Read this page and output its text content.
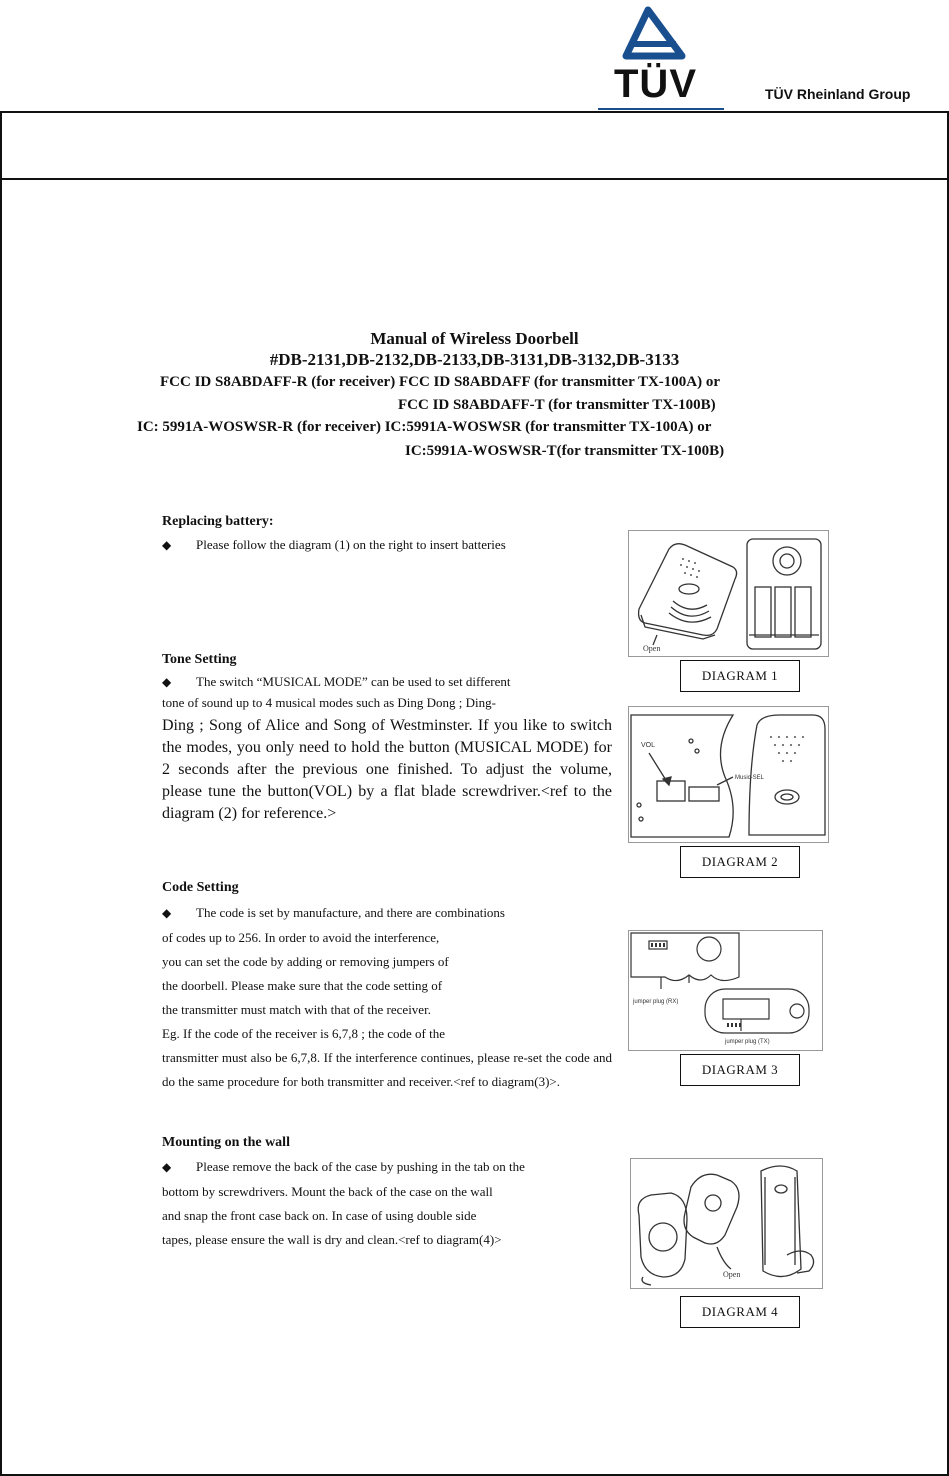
TÜV	TÜV Rheinland Group
Manual of Wireless Doorbell
#DB-2131,DB-2132,DB-2133,DB-3131,DB-3132,DB-3133
FCC ID S8ABDAFF-R (for receiver) FCC ID S8ABDAFF (for transmitter TX-100A) or
FCC ID S8ABDAFF-T (for transmitter TX-100B)
IC: 5991A-WOSWSR-R (for receiver) IC:5991A-WOSWSR (for transmitter TX-100A) or
IC:5991A-WOSWSR-T(for transmitter TX-100B)
Replacing battery:
◆ Please follow the diagram (1) on the right to insert batteries
Tone Setting
◆ The switch “MUSICAL MODE” can be used to set different
tone of sound up to 4 musical modes such as Ding Dong ; Ding-
Ding ; Song of Alice and Song of Westminster. If you like to switch the modes, you only need to hold the button (MUSICAL MODE) for 2 seconds after the previous one finished. To adjust the volume, please tune the button(VOL) by a flat blade screwdriver.<ref to the diagram (2) for reference.>
Code Setting
◆ The code is set by manufacture, and there are combinations
of codes up to 256. In order to avoid the interference,
you can set the code by adding or removing jumpers of
the doorbell. Please make sure that the code setting of
the transmitter must match with that of the receiver.
Eg. If the code of the receiver is 6,7,8 ; the code of the
transmitter must also be 6,7,8. If the interference continues, please re-set the code and do the same procedure for both transmitter and receiver.<ref to diagram(3)>.
Mounting on the wall
◆ Please remove the back of the case by pushing in the tab on the
bottom by screwdrivers. Mount the back of the case on the wall
and snap the front case back on. In case of using double side
tapes, please ensure the wall is dry and clean.<ref to diagram(4)>
Open
DIAGRAM 1
VOL
Music-SEL
DIAGRAM 2
jumper plug (RX)
jumper plug (TX)
DIAGRAM 3
Open
DIAGRAM 4
